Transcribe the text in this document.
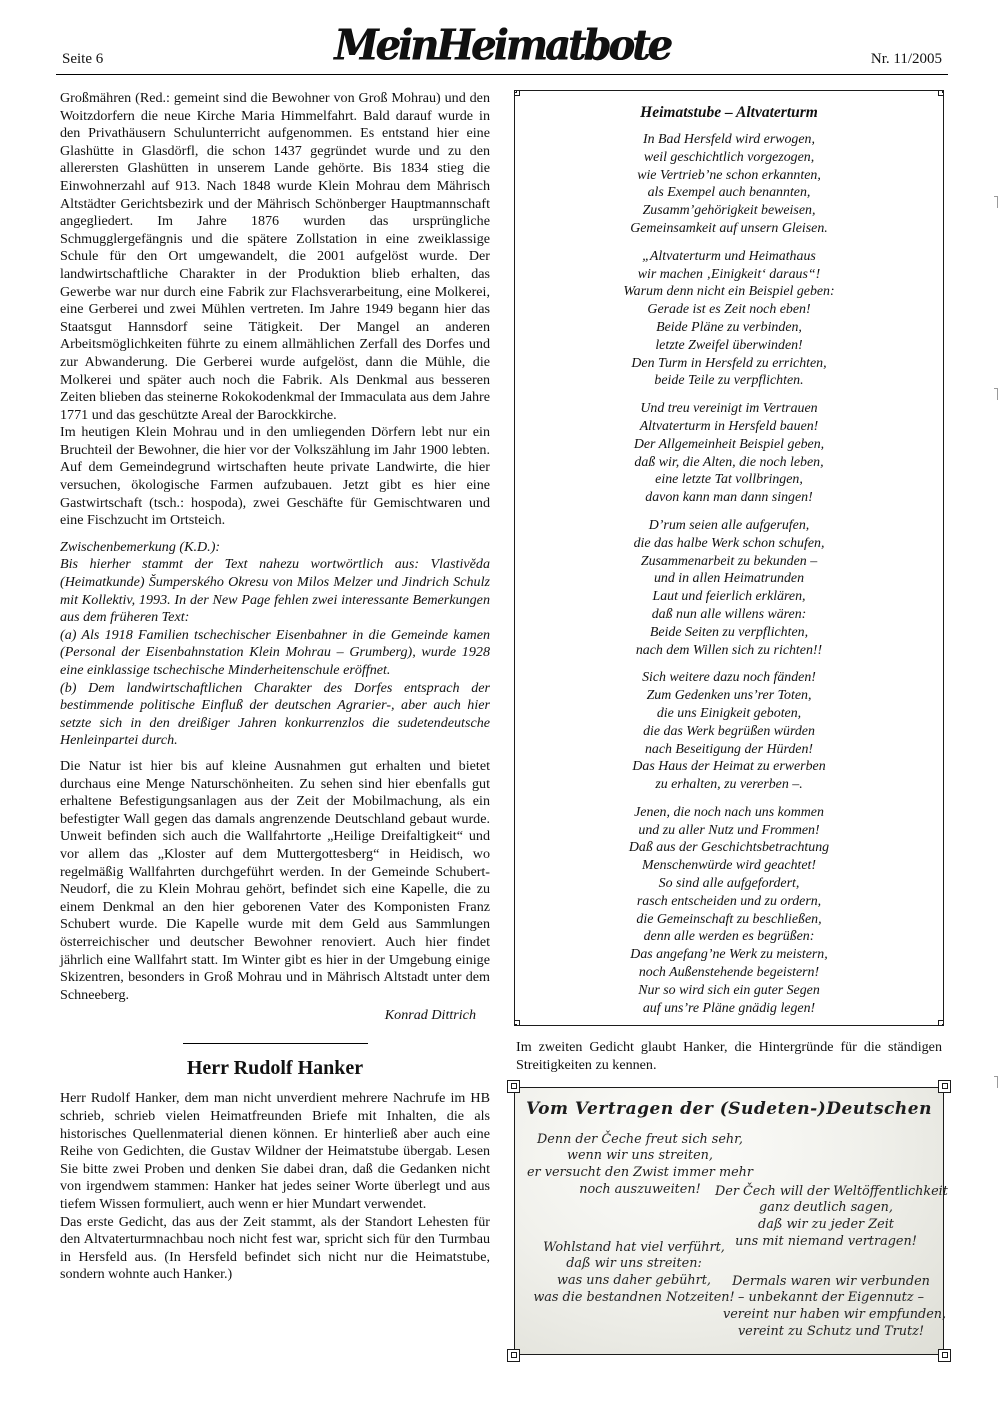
Seite 6	MeinHeimatbote	Nr. 11/2005

Großmähren (Red.: gemeint sind die Bewohner von Groß Mohrau) und den Woitzdorfern die neue Kirche Maria Himmelfahrt. Bald darauf wurde in den Privathäusern Schulunterricht aufgenommen. Es entstand hier eine Glashütte in Glasdörfl, die schon 1437 gegründet wurde und zu den allerersten Glashütten in unserem Lande gehörte. Bis 1834 stieg die Einwohnerzahl auf 913. Nach 1848 wurde Klein Mohrau dem Mährisch Altstädter Gerichtsbezirk und der Mährisch Schönberger Hauptmannschaft angegliedert. Im Jahre 1876 wurden das ursprüngliche Schmugglergefängnis und die spätere Zollstation in eine zweiklassige Schule für den Ort umgewandelt, die 2001 aufgelöst wurde. Der landwirtschaftliche Charakter in der Produktion blieb erhalten, das Gewerbe war nur durch eine Fabrik zur Flachsverarbeitung, eine Molkerei, eine Gerberei und zwei Mühlen vertreten. Im Jahre 1949 begann hier das Staatsgut Hannsdorf seine Tätigkeit. Der Mangel an anderen Arbeitsmöglichkeiten führte zu einem allmählichen Zerfall des Dorfes und zur Abwanderung. Die Gerberei wurde aufgelöst, dann die Mühle, die Molkerei und später auch noch die Fabrik. Als Denkmal aus besseren Zeiten blieben das steinerne Rokokodenkmal der Immaculata aus dem Jahre 1771 und das geschützte Areal der Barockkirche.

Im heutigen Klein Mohrau und in den umliegenden Dörfern lebt nur ein Bruchteil der Bewohner, die hier vor der Volkszählung im Jahr 1900 lebten. Auf dem Gemeindegrund wirtschaften heute private Landwirte, die hier versuchen, ökologische Farmen aufzubauen. Jetzt gibt es hier eine Gastwirtschaft (tsch.: hospoda), zwei Geschäfte für Gemischtwaren und eine Fischzucht im Ortsteich.

Zwischenbemerkung (K.D.):

Bis hierher stammt der Text nahezu wortwörtlich aus: Vlastivěda (Heimatkunde) Šumperského Okresu von Milos Melzer und Jindrich Schulz mit Kollektiv, 1993. In der New Page fehlen zwei interessante Bemerkungen aus dem früheren Text:

(a) Als 1918 Familien tschechischer Eisenbahner in die Gemeinde kamen (Personal der Eisenbahnstation Klein Mohrau – Grumberg), wurde 1928 eine einklassige tschechische Minderheitenschule eröffnet.

(b) Dem landwirtschaftlichen Charakter des Dorfes entsprach der bestimmende politische Einfluß der deutschen Agrarier-, aber auch hier setzte sich in den dreißiger Jahren konkurrenzlos die sudetendeutsche Henleinpartei durch.

Die Natur ist hier bis auf kleine Ausnahmen gut erhalten und bietet durchaus eine Menge Naturschönheiten. Zu sehen sind hier ebenfalls gut erhaltene Befestigungsanlagen aus der Zeit der Mobilmachung, als ein befestigter Wall gegen das damals angrenzende Deutschland gebaut wurde. Unweit befinden sich auch die Wallfahrtorte „Heilige Dreifaltigkeit“ und vor allem das „Kloster auf dem Muttergottesberg“ in Heidisch, wo regelmäßig Wallfahrten durchgeführt werden. In der Gemeinde Schubert-Neudorf, die zu Klein Mohrau gehört, befindet sich eine Kapelle, die zu einem Denkmal an den hier geborenen Vater des Komponisten Franz Schubert wurde. Die Kapelle wurde mit dem Geld aus Sammlungen österreichischer und deutscher Bewohner renoviert. Auch hier findet jährlich eine Wallfahrt statt. Im Winter gibt es hier in der Umgebung einige Skizentren, besonders in Groß Mohrau und in Mährisch Altstadt unter dem Schneeberg.

Konrad Dittrich

Herr Rudolf Hanker

Herr Rudolf Hanker, dem man nicht unverdient mehrere Nachrufe im HB schrieb, schrieb vielen Heimatfreunden Briefe mit Inhalten, die als historisches Quellenmaterial dienen können. Er hinterließ aber auch eine Reihe von Gedichten, die Gustav Wildner der Heimatstube übergab. Lesen Sie bitte zwei Proben und denken Sie dabei dran, daß die Gedanken nicht von irgendwem stammen: Hanker hat jedes seiner Worte überlegt und aus tiefem Wissen formuliert, auch wenn er hier Mundart verwendet.

Das erste Gedicht, das aus der Zeit stammt, als der Standort Lehesten für den Altvaterturmnachbau noch nicht fest war, spricht sich für den Turmbau in Hersfeld aus. (In Hersfeld befindet sich nicht nur die Heimatstube, sondern wohnte auch Hanker.)

Heimatstube – Altvaterturm
In Bad Hersfeld wird erwogen,
weil geschichtlich vorgezogen,
wie Vertrieb’ne schon erkannten,
als Exempel auch benannten,
Zusamm’gehörigkeit beweisen,
Gemeinsamkeit auf unsern Gleisen.
„Altvaterturm und Heimathaus
wir machen ‚Einigkeit‘ daraus“!
Warum denn nicht ein Beispiel geben:
Gerade ist es Zeit noch eben!
Beide Pläne zu verbinden,
letzte Zweifel überwinden!
Den Turm in Hersfeld zu errichten,
beide Teile zu verpflichten.
Und treu vereinigt im Vertrauen
Altvaterturm in Hersfeld bauen!
Der Allgemeinheit Beispiel geben,
daß wir, die Alten, die noch leben,
eine letzte Tat vollbringen,
davon kann man dann singen!
D’rum seien alle aufgerufen,
die das halbe Werk schon schufen,
Zusammenarbeit zu bekunden –
und in allen Heimatrunden
Laut und feierlich erklären,
daß nun alle willens wären:
Beide Seiten zu verpflichten,
nach dem Willen sich zu richten!!
Sich weitere dazu noch fänden!
Zum Gedenken uns’rer Toten,
die uns Einigkeit geboten,
die das Werk begrüßen würden
nach Beseitigung der Hürden!
Das Haus der Heimat zu erwerben
zu erhalten, zu vererben –.
Jenen, die noch nach uns kommen
und zu aller Nutz und Frommen!
Daß aus der Geschichtsbetrachtung
Menschenwürde wird geachtet!
So sind alle aufgefordert,
rasch entscheiden und zu ordern,
die Gemeinschaft zu beschließen,
denn alle werden es begrüßen:
Das angefang’ne Werk zu meistern,
noch Außenstehende begeistern!
Nur so wird sich ein guter Segen
auf uns’re Pläne gnädig legen!

Im zweiten Gedicht glaubt Hanker, die Hintergründe für die ständigen Streitigkeiten zu kennen.

Vom Vertragen der (Sudeten-)Deutschen
Denn der Čeche freut sich sehr,
wenn wir uns streiten,
er versucht den Zwist immer mehr
noch auszuweiten!	Der Čech will der Weltöffentlichkeit
ganz deutlich sagen,
daß wir zu jeder Zeit
uns mit niemand vertragen!
Wohlstand hat viel verführt,
daß wir uns streiten:
was uns daher gebührt,
was die bestandnen Notzeiten!
Dermals waren wir verbunden
– unbekannt der Eigennutz –
vereint nur haben wir empfunden,
vereint zu Schutz und Trutz!
